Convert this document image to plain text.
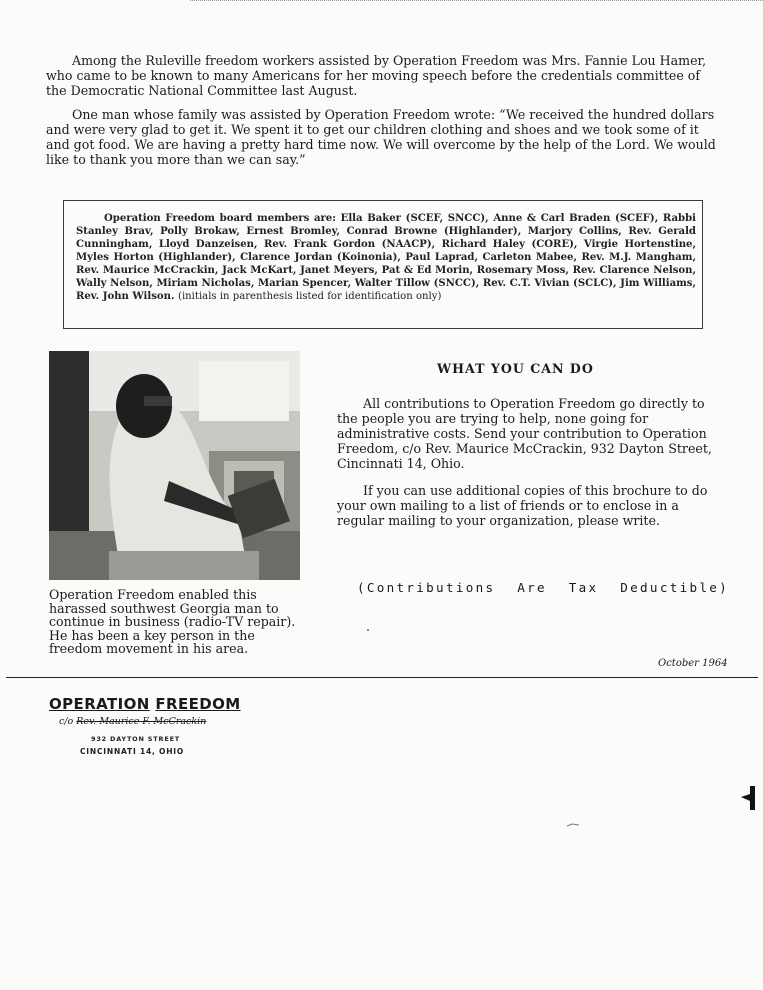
Among the Ruleville freedom workers assisted by Operation Freedom was Mrs. Fannie Lou Hamer, who came to be known to many Americans for her moving speech before the credentials committee of the Democratic National Committee last August.

One man whose family was assisted by Operation Freedom wrote: “We received the hundred dollars and were very glad to get it. We spent it to get our children clothing and shoes and we took some of it and got food. We are having a pretty hard time now. We will overcome by the help of the Lord. We would like to thank you more than we can say.”

Operation Freedom board members are: Ella Baker (SCEF, SNCC), Anne & Carl Braden (SCEF), Rabbi Stanley Brav, Polly Brokaw, Ernest Bromley, Conrad Browne (Highlander), Marjory Collins, Rev. Gerald Cunningham, Lloyd Danzeisen, Rev. Frank Gordon (NAACP), Richard Haley (CORE), Virgie Hortenstine, Myles Horton (Highlander), Clarence Jordan (Koinonia), Paul Laprad, Carleton Mabee, Rev. M.J. Mangham, Rev. Maurice McCrackin, Jack McKart, Janet Meyers, Pat & Ed Morin, Rosemary Moss, Rev. Clarence Nelson, Wally Nelson, Miriam Nicholas, Marian Spencer, Walter Tillow (SNCC), Rev. C.T. Vivian (SCLC), Jim Williams, Rev. John Wilson. (initials in parenthesis listed for identification only)

Operation Freedom enabled this harassed southwest Georgia man to continue in business (radio-TV repair). He has been a key person in the freedom movement in his area.

WHAT YOU CAN DO

All contributions to Operation Freedom go directly to the people you are trying to help, none going for administrative costs. Send your contribution to Operation Freedom, c/o Rev. Maurice McCrackin, 932 Dayton Street, Cincinnati 14, Ohio.

If you can use additional copies of this brochure to do your own mailing to a list of friends or to enclose in a regular mailing to your organization, please write.

(Contributions Are Tax Deductible)

October 1964

OPERATION FREEDOM

c/o Rev. Maurice F. McCrackin

932 DAYTON STREET

CINCINNATI 14, OHIO
